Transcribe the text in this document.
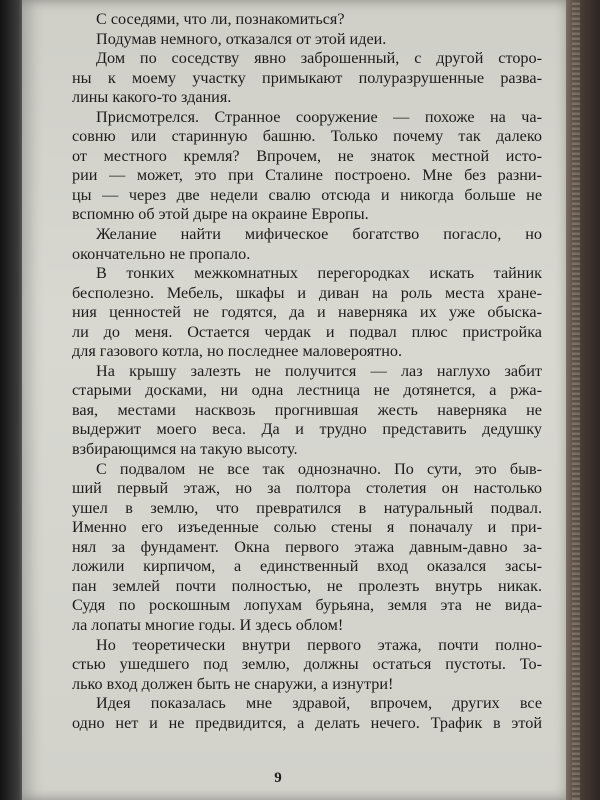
С соседями, что ли, познакомиться?
Подумав немного, отказался от этой идеи.
Дом по соседству явно заброшенный, с другой сторо-
ны к моему участку примыкают полуразрушенные разва-
лины какого-то здания.
Присмотрелся. Странное сооружение — похоже на ча-
совню или старинную башню. Только почему так далеко
от местного кремля? Впрочем, не знаток местной исто-
рии — может, это при Сталине построено. Мне без разни-
цы — через две недели свалю отсюда и никогда больше не
вспомню об этой дыре на окраине Европы.
Желание найти мифическое богатство погасло, но
окончательно не пропало.
В тонких межкомнатных перегородках искать тайник
бесполезно. Мебель, шкафы и диван на роль места хране-
ния ценностей не годятся, да и наверняка их уже обыска-
ли до меня. Остается чердак и подвал плюс пристройка
для газового котла, но последнее маловероятно.
На крышу залезть не получится — лаз наглухо забит
старыми досками, ни одна лестница не дотянется, а ржа-
вая, местами насквозь прогнившая жесть наверняка не
выдержит моего веса. Да и трудно представить дедушку
взбирающимся на такую высоту.
С подвалом не все так однозначно. По сути, это быв-
ший первый этаж, но за полтора столетия он настолько
ушел в землю, что превратился в натуральный подвал.
Именно его изъеденные солью стены я поначалу и при-
нял за фундамент. Окна первого этажа давным-давно за-
ложили кирпичом, а единственный вход оказался засы-
пан землей почти полностью, не пролезть внутрь никак.
Судя по роскошным лопухам бурьяна, земля эта не вида-
ла лопаты многие годы. И здесь облом!
Но теоретически внутри первого этажа, почти полно-
стью ушедшего под землю, должны остаться пустоты. То-
лько вход должен быть не снаружи, а изнутри!
Идея показалась мне здравой, впрочем, других все
одно нет и не предвидится, а делать нечего. Трафик в этой
9
